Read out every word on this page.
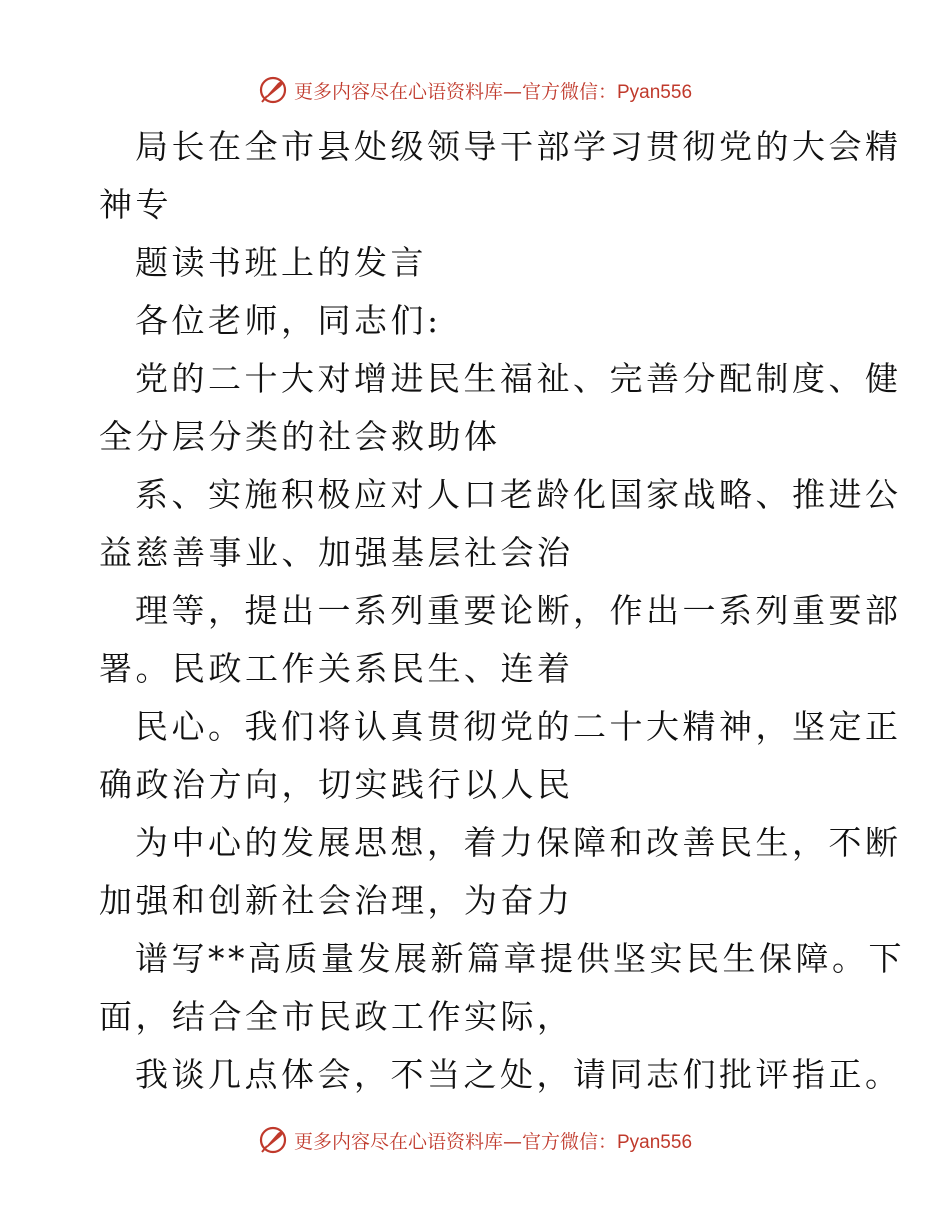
更多内容尽在心语资料库—官方微信：Pyan556
局长在全市县处级领导干部学习贯彻党的大会精
神专
题读书班上的发言
各位老师，同志们:
党的二十大对增进民生福祉、完善分配制度、健
全分层分类的社会救助体
系、实施积极应对人口老龄化国家战略、推进公
益慈善事业、加强基层社会治
理等，提出一系列重要论断，作出一系列重要部
署。民政工作关系民生、连着
民心。我们将认真贯彻党的二十大精神，坚定正
确政治方向，切实践行以人民
为中心的发展思想，着力保障和改善民生，不断
加强和创新社会治理，为奋力
谱写**高质量发展新篇章提供坚实民生保障。下
面，结合全市民政工作实际，
我谈几点体会，不当之处，请同志们批评指正。
更多内容尽在心语资料库—官方微信：Pyan556
